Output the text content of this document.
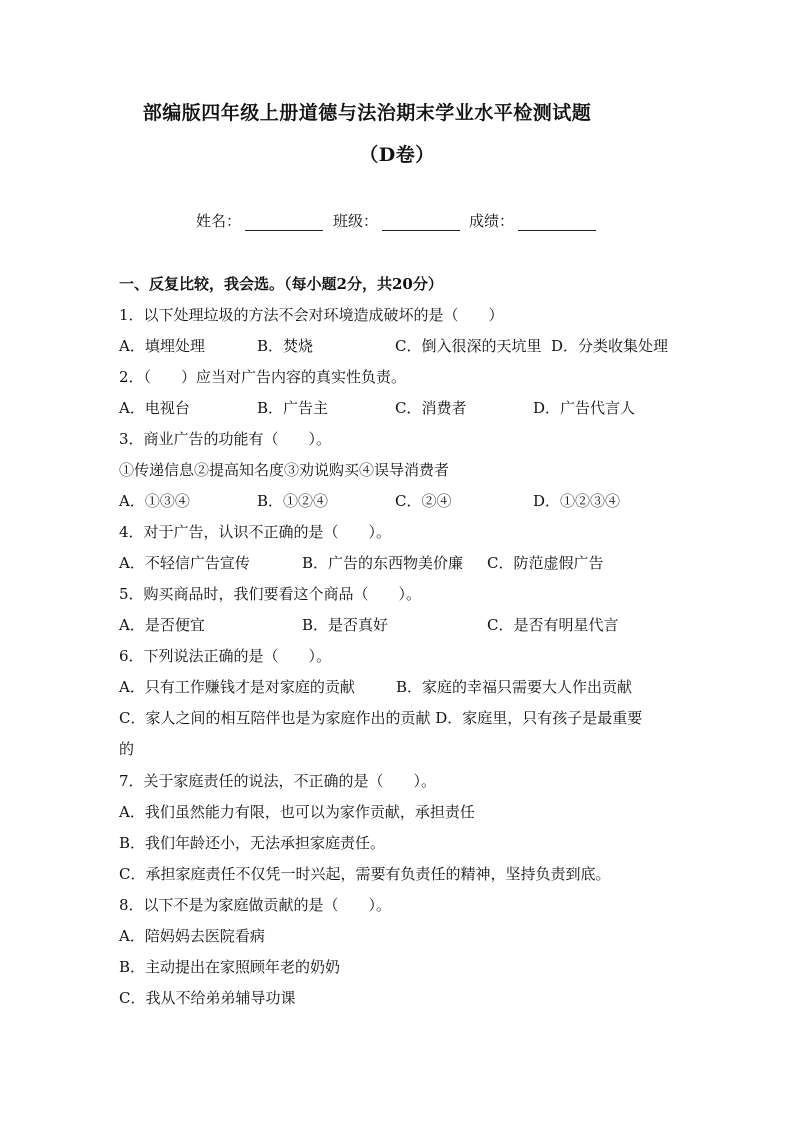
部编版四年级上册道德与法治期末学业水平检测试题
（D卷）
姓名：	班级：	成绩：
一、反复比较，我会选。（每小题2分，共20分）
1．以下处理垃圾的方法不会对环境造成破坏的是（　　）
A．填埋处理	B．焚烧	C．倒入很深的天坑里 D．分类收集处理
2．（　　）应当对广告内容的真实性负责。
A．电视台	B．广告主	C．消费者	D．广告代言人
3．商业广告的功能有（　　）。
①传递信息②提高知名度③劝说购买④误导消费者
A．①③④	B．①②④	C．②④	D．①②③④
4．对于广告，认识不正确的是（　　）。
A．不轻信广告宣传	B．广告的东西物美价廉 C．防范虚假广告
5．购买商品时，我们要看这个商品（　　）。
A．是否便宜	B．是否真好	C．是否有明星代言
6．下列说法正确的是（　　）。
A．只有工作赚钱才是对家庭的贡献	B．家庭的幸福只需要大人作出贡献
C．家人之间的相互陪伴也是为家庭作出的贡献 D．家庭里，只有孩子是最重要
的
7．关于家庭责任的说法，不正确的是（　　）。
A．我们虽然能力有限，也可以为家作贡献，承担责任
B．我们年龄还小，无法承担家庭责任。
C．承担家庭责任不仅凭一时兴起，需要有负责任的精神，坚持负责到底。
8．以下不是为家庭做贡献的是（　　）。
A．陪妈妈去医院看病
B．主动提出在家照顾年老的奶奶
C．我从不给弟弟辅导功课
